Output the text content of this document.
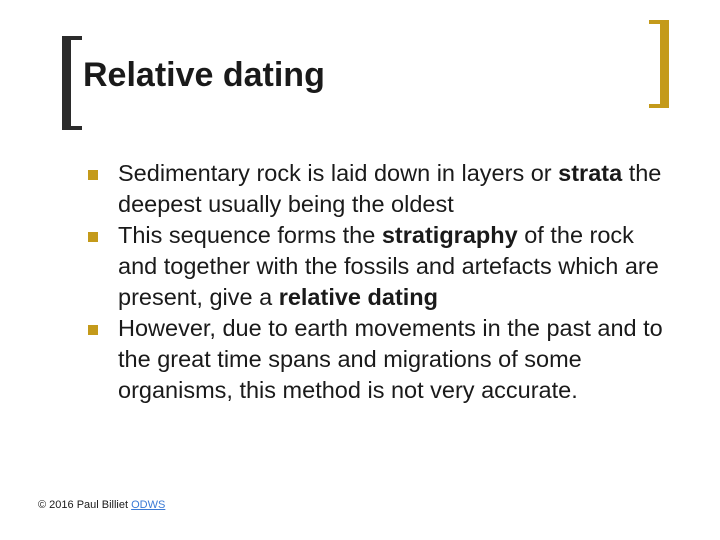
Relative dating
Sedimentary rock is laid down in layers or strata the deepest usually being the oldest
This sequence forms the stratigraphy of the rock and together with the fossils and artefacts which are present, give a relative dating
However, due to earth movements in the past and to the great time spans and migrations of some organisms, this method is not very accurate.
© 2016 Paul Billiet ODWS
